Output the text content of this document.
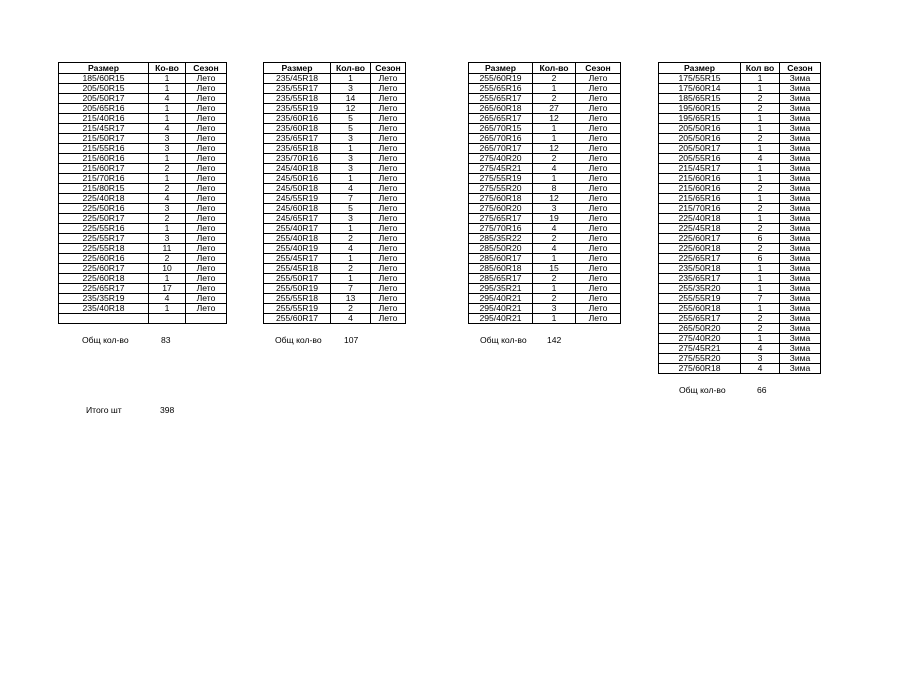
Размер	Ко-во	Сезон
185/60R15	1	Лето
205/50R15	1	Лето
205/50R17	4	Лето
205/65R16	1	Лето
215/40R16	1	Лето
215/45R17	4	Лето
215/50R17	3	Лето
215/55R16	3	Лето
215/60R16	1	Лето
215/60R17	2	Лето
215/70R16	1	Лето
215/80R15	2	Лето
225/40R18	4	Лето
225/50R16	3	Лето
225/50R17	2	Лето
225/55R16	1	Лето
225/55R17	3	Лето
225/55R18	11	Лето
225/60R16	2	Лето
225/60R17	10	Лето
225/60R18	1	Лето
225/65R17	17	Лето
235/35R19	4	Лето
235/40R18	1	Лето

Общ кол-во	83
Размер	Кол-во	Сезон
235/45R18	1	Лето
235/55R17	3	Лето
235/55R18	14	Лето
235/55R19	12	Лето
235/60R16	5	Лето
235/60R18	5	Лето
235/65R17	3	Лето
235/65R18	1	Лето
235/70R16	3	Лето
245/40R18	3	Лето
245/50R16	1	Лето
245/50R18	4	Лето
245/55R19	7	Лето
245/60R18	5	Лето
245/65R17	3	Лето
255/40R17	1	Лето
255/40R18	2	Лето
255/40R19	4	Лето
255/45R17	1	Лето
255/45R18	2	Лето
255/50R17	1	Лето
255/50R19	7	Лето
255/55R18	13	Лето
255/55R19	2	Лето
255/60R17	4	Лето
Общ кол-во	107
Размер	Кол-во	Сезон
255/60R19	2	Лето
255/65R16	1	Лето
255/65R17	2	Лето
265/60R18	27	Лето
265/65R17	12	Лето
265/70R15	1	Лето
265/70R16	1	Лето
265/70R17	12	Лето
275/40R20	2	Лето
275/45R21	4	Лето
275/55R19	1	Лето
275/55R20	8	Лето
275/60R18	12	Лето
275/60R20	3	Лето
275/65R17	19	Лето
275/70R16	4	Лето
285/35R22	2	Лето
285/50R20	4	Лето
285/60R17	1	Лето
285/60R18	15	Лето
285/65R17	2	Лето
295/35R21	1	Лето
295/40R21	2	Лето
295/40R21	3	Лето
295/40R21	1	Лето
Общ кол-во 142
Размер	Кол во	Сезон
175/55R15	1	Зима
175/60R14	1	Зима
185/65R15	2	Зима
195/60R15	2	Зима
195/65R15	1	Зима
205/50R16	1	Зима
205/50R16	2	Зима
205/50R17	1	Зима
205/55R16	4	Зима
215/45R17	1	Зима
215/60R16	1	Зима
215/60R16	2	Зима
215/65R16	1	Зима
215/70R16	2	Зима
225/40R18	1	Зима
225/45R18	2	Зима
225/60R17	6	Зима
225/60R18	2	Зима
225/65R17	6	Зима
235/50R18	1	Зима
235/65R17	1	Зима
255/35R20	1	Зима
255/55R19	7	Зима
255/60R18	1	Зима
255/65R17	2	Зима
265/50R20	2	Зима
275/40R20	1	Зима
275/45R21	4	Зима
275/55R20	3	Зима
275/60R18	4	Зима
Общ кол-во	66
Итого шт	398
